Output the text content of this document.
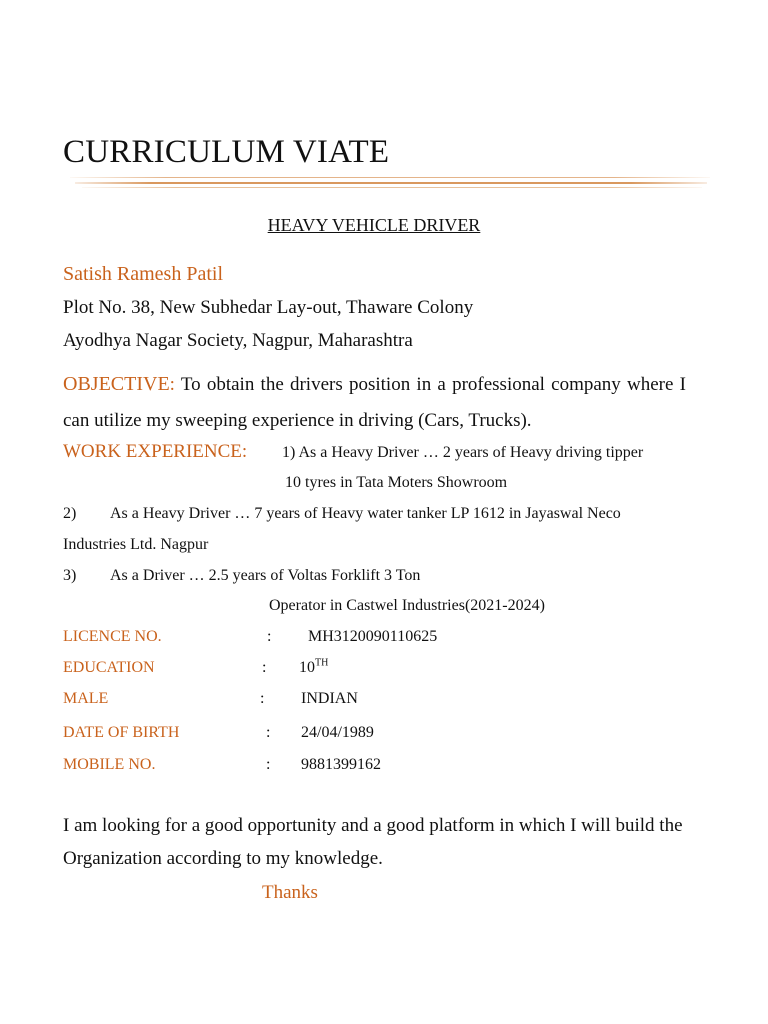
CURRICULUM VIATE
HEAVY VEHICLE DRIVER
Satish Ramesh Patil
Plot No. 38, New Subhedar Lay-out, Thaware Colony
Ayodhya Nagar Society, Nagpur, Maharashtra
OBJECTIVE: To obtain the drivers position in a professional company where I can utilize my sweeping experience in driving (Cars, Trucks).
WORK EXPERIENCE: 1) As a Heavy Driver … 2 years of Heavy driving tipper
10 tyres in Tata Moters Showroom
2) As a Heavy Driver … 7 years of Heavy water tanker LP 1612 in Jayaswal Neco
Industries Ltd. Nagpur
3) As a Driver … 2.5 years of Voltas Forklift 3 Ton
Operator in Castwel Industries(2021-2024)
LICENCE NO.	: MH3120090110625
EDUCATION	: 10TH
MALE	: INDIAN
DATE OF BIRTH	: 24/04/1989
MOBILE NO.	: 9881399162
I am looking for a good opportunity and a good platform in which I will build the Organization according to my knowledge.
Thanks
